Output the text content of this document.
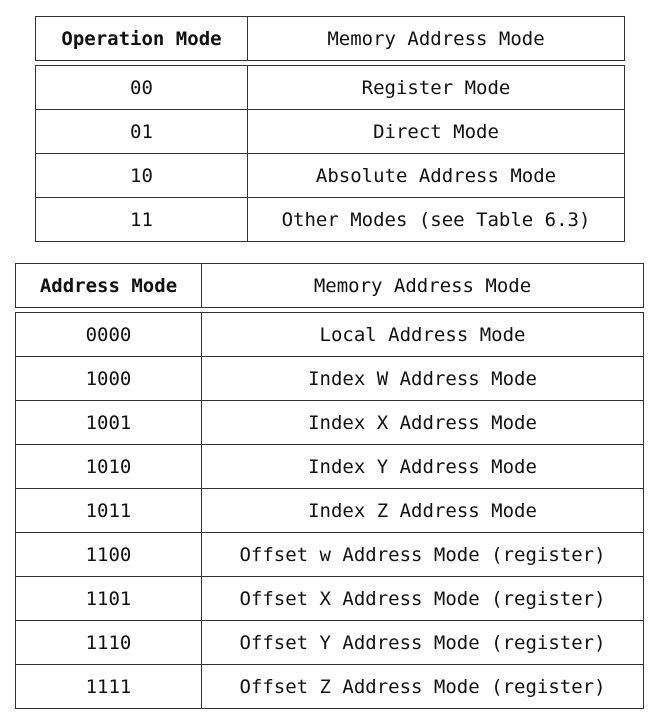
Operation Mode	Memory Address Mode

00	Register Mode
01	Direct Mode
10	Absolute Address Mode
11	Other Modes (see Table 6.3)
Address Mode	Memory Address Mode

0000	Local Address Mode
1000	Index W Address Mode
1001	Index X Address Mode
1010	Index Y Address Mode
1011	Index Z Address Mode
1100	Offset w Address Mode (register)
1101	Offset X Address Mode (register)
1110	Offset Y Address Mode (register)
1111	Offset Z Address Mode (register)
